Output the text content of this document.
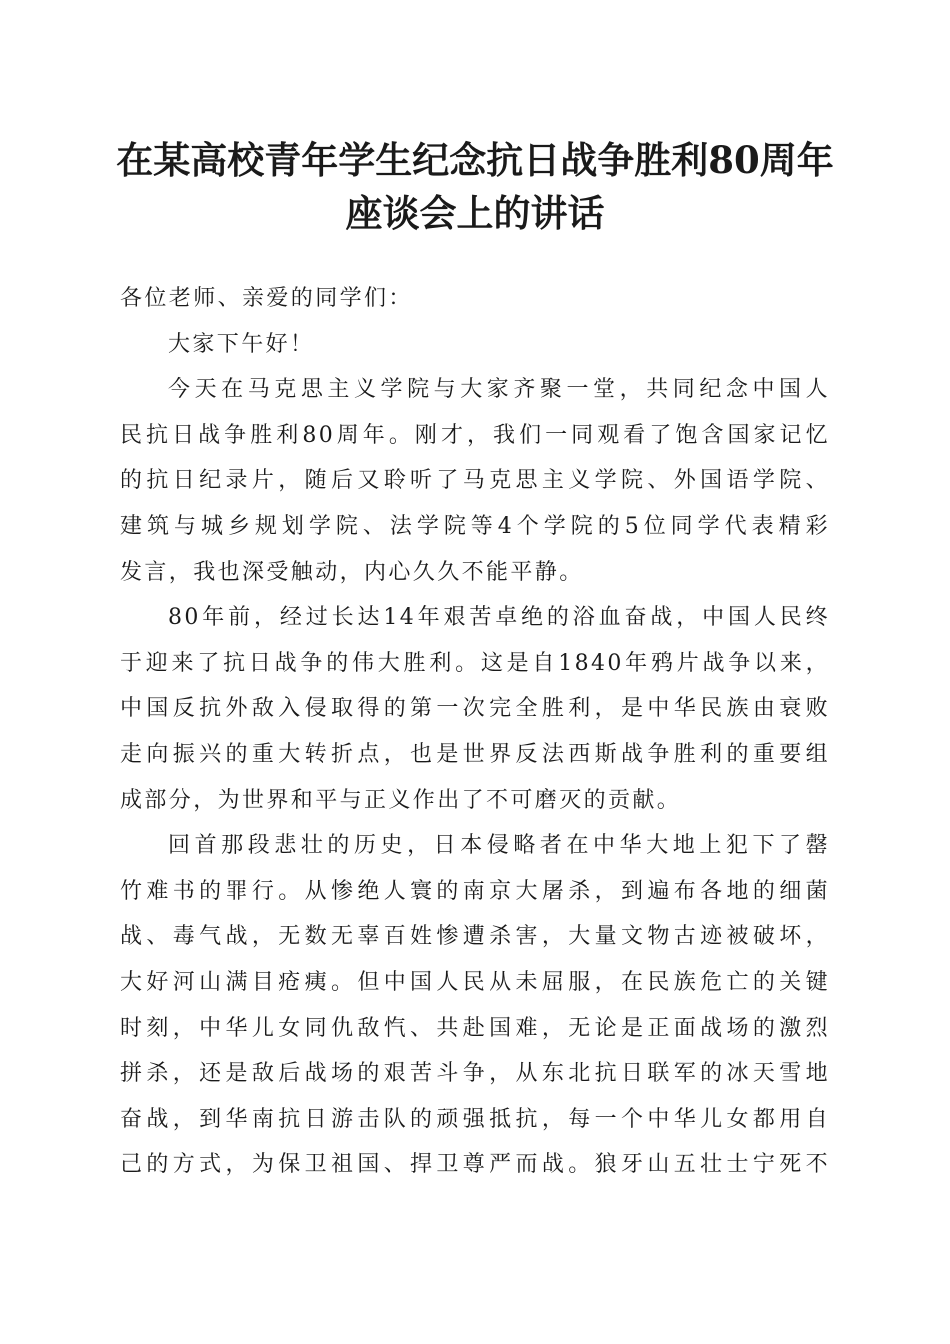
在某高校青年学生纪念抗日战争胜利80周年
座谈会上的讲话
各位老师、亲爱的同学们：
大家下午好！
今天在马克思主义学院与大家齐聚一堂，共同纪念中国人
民抗日战争胜利80周年。刚才，我们一同观看了饱含国家记忆
的抗日纪录片，随后又聆听了马克思主义学院、外国语学院、
建筑与城乡规划学院、法学院等4个学院的5位同学代表精彩
发言，我也深受触动，内心久久不能平静。
80年前，经过长达14年艰苦卓绝的浴血奋战，中国人民终
于迎来了抗日战争的伟大胜利。这是自1840年鸦片战争以来，
中国反抗外敌入侵取得的第一次完全胜利，是中华民族由衰败
走向振兴的重大转折点，也是世界反法西斯战争胜利的重要组
成部分，为世界和平与正义作出了不可磨灭的贡献。
回首那段悲壮的历史，日本侵略者在中华大地上犯下了罄
竹难书的罪行。从惨绝人寰的南京大屠杀，到遍布各地的细菌
战、毒气战，无数无辜百姓惨遭杀害，大量文物古迹被破坏，
大好河山满目疮痍。但中国人民从未屈服，在民族危亡的关键
时刻，中华儿女同仇敌忾、共赴国难，无论是正面战场的激烈
拼杀，还是敌后战场的艰苦斗争，从东北抗日联军的冰天雪地
奋战，到华南抗日游击队的顽强抵抗，每一个中华儿女都用自
己的方式，为保卫祖国、捍卫尊严而战。狼牙山五壮士宁死不
